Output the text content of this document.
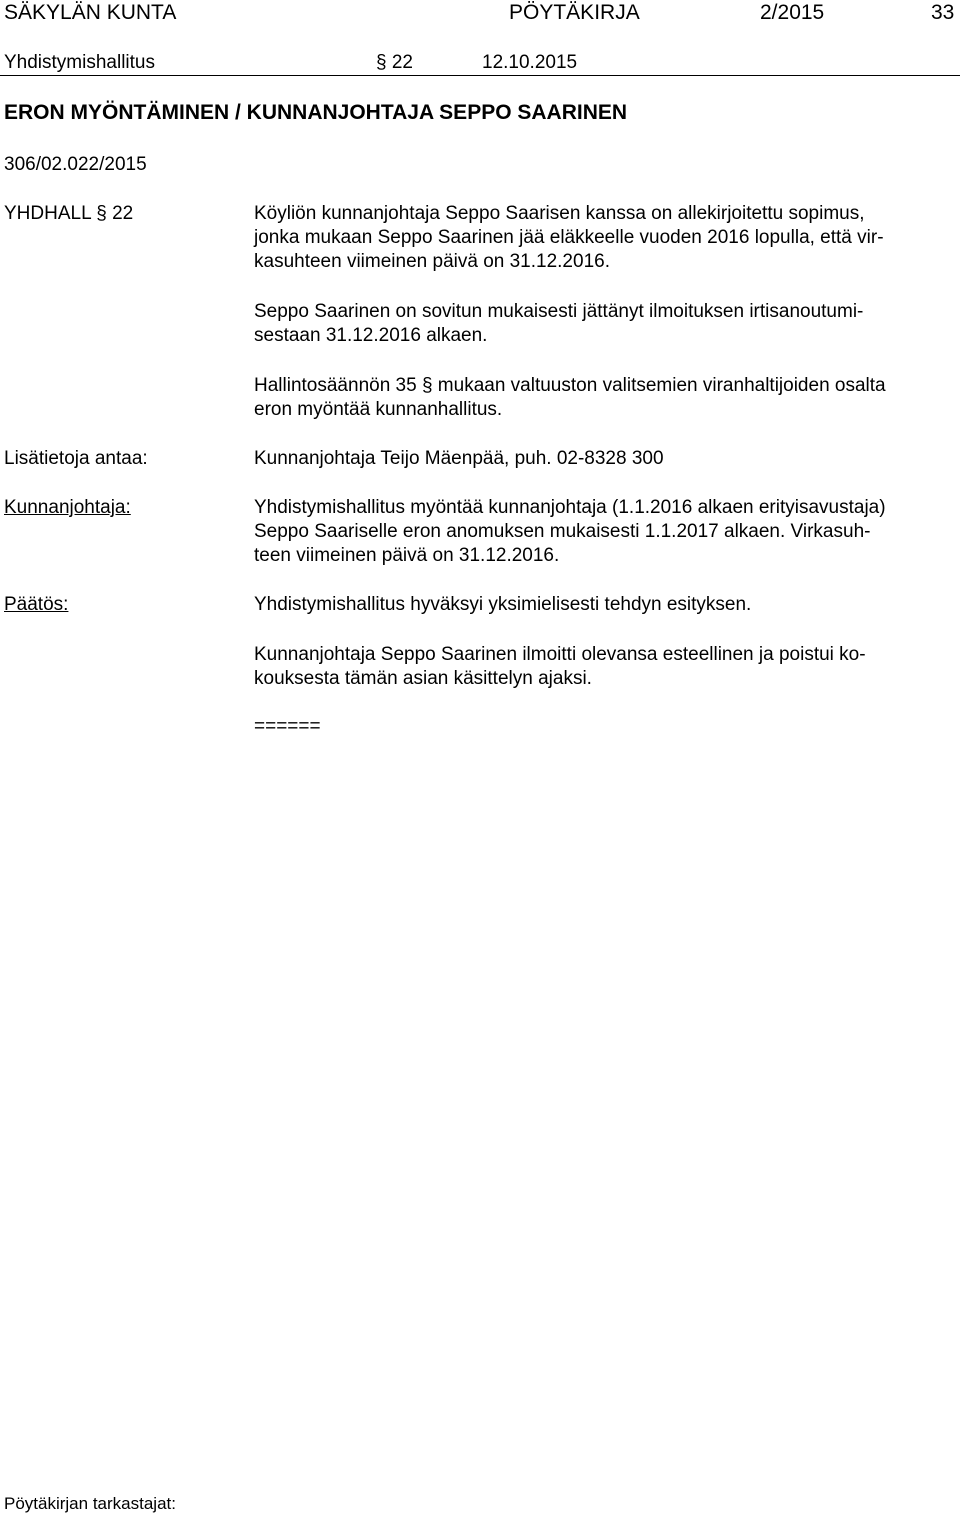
SÄKYLÄN KUNTA	PÖYTÄKIRJA	2/2015	33
Yhdistymishallitus	§ 22	12.10.2015
ERON MYÖNTÄMINEN / KUNNANJOHTAJA SEPPO SAARINEN
306/02.022/2015
YHDHALL § 22	Köyliön kunnanjohtaja Seppo Saarisen kanssa on allekirjoitettu sopimus,
jonka mukaan Seppo Saarinen jää eläkkeelle vuoden 2016 lopulla, että vir-
kasuhteen viimeinen päivä on 31.12.2016.
Seppo Saarinen on sovitun mukaisesti jättänyt ilmoituksen irtisanoutumi-
sestaan 31.12.2016 alkaen.
Hallintosäännön 35 § mukaan valtuuston valitsemien viranhaltijoiden osalta
eron myöntää kunnanhallitus.
Lisätietoja antaa:	Kunnanjohtaja Teijo Mäenpää, puh. 02-8328 300
Kunnanjohtaja:	Yhdistymishallitus myöntää kunnanjohtaja (1.1.2016 alkaen erityisavustaja)
Seppo Saariselle eron anomuksen mukaisesti 1.1.2017 alkaen. Virkasuh-
teen viimeinen päivä on 31.12.2016.
Päätös:	Yhdistymishallitus hyväksyi yksimielisesti tehdyn esityksen.
Kunnanjohtaja Seppo Saarinen ilmoitti olevansa esteellinen ja poistui ko-
kouksesta tämän asian käsittelyn ajaksi.
======
Pöytäkirjan tarkastajat:
